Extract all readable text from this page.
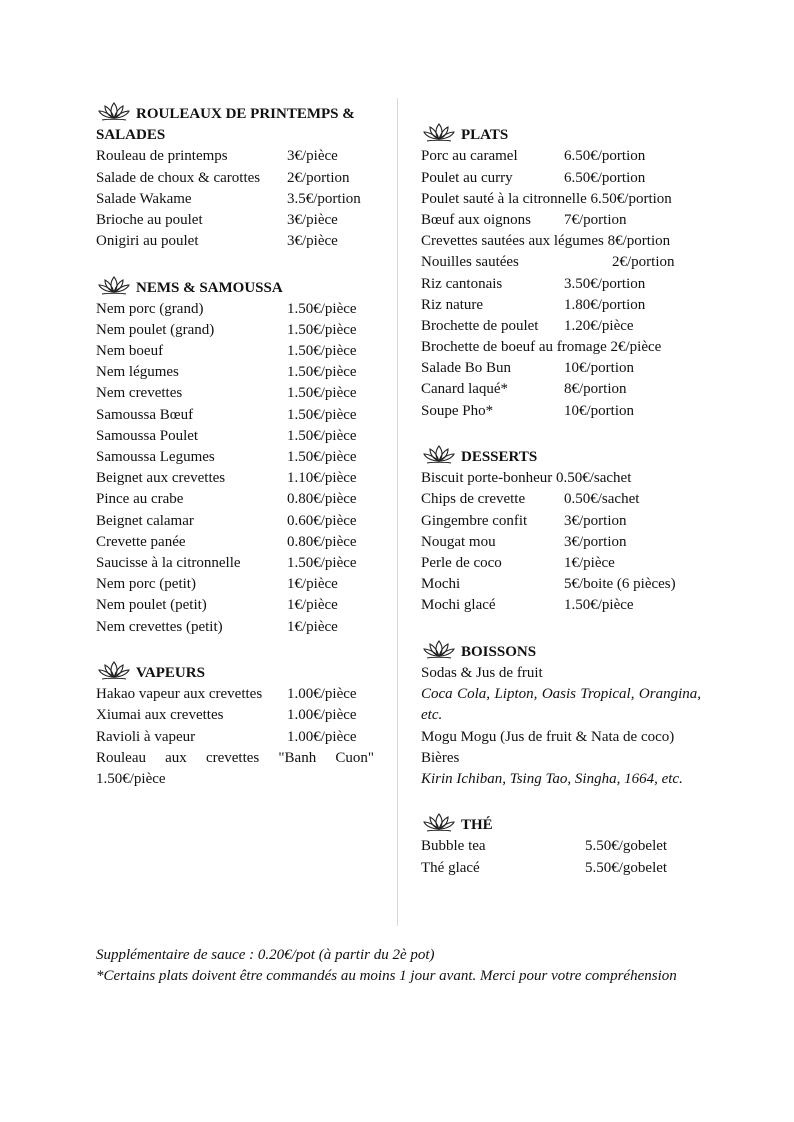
ROULEAUX DE PRINTEMPS &
SALADES
Rouleau de printemps	3€/pièce
Salade de choux & carottes 2€/portion
Salade Wakame	3.5€/portion
Brioche au poulet	3€/pièce
Onigiri au poulet	3€/pièce
NEMS & SAMOUSSA
Nem porc (grand)	1.50€/pièce
Nem poulet (grand)	1.50€/pièce
Nem boeuf	1.50€/pièce
Nem légumes	1.50€/pièce
Nem crevettes	1.50€/pièce
Samoussa Bœuf	1.50€/pièce
Samoussa Poulet	1.50€/pièce
Samoussa Legumes	1.50€/pièce
Beignet aux crevettes	1.10€/pièce
Pince au crabe	0.80€/pièce
Beignet calamar	0.60€/pièce
Crevette panée	0.80€/pièce
Saucisse à la citronnelle	1.50€/pièce
Nem porc (petit)	1€/pièce
Nem poulet (petit)	1€/pièce
Nem crevettes (petit)	1€/pièce
VAPEURS
Hakao vapeur aux crevettes 1.00€/pièce
Xiumai aux crevettes	1.00€/pièce
Ravioli à vapeur	1.00€/pièce
Rouleau aux crevettes "Banh Cuon" 1.50€/pièce
PLATS
Porc au caramel	6.50€/portion
Poulet au curry	6.50€/portion
Poulet sauté à la citronnelle 6.50€/portion
Bœuf aux oignons 7€/portion
Crevettes sautées aux légumes 8€/portion
Nouilles sautées	2€/portion
Riz cantonais	3.50€/portion
Riz nature	1.80€/portion
Brochette de poulet 1.20€/pièce
Brochette de boeuf au fromage 2€/pièce
Salade Bo Bun	10€/portion
Canard laqué*	8€/portion
Soupe Pho*	10€/portion
DESSERTS
Biscuit porte-bonheur 0.50€/sachet
Chips de crevette	0.50€/sachet
Gingembre confit 3€/portion
Nougat mou	3€/portion
Perle de coco	1€/pièce
Mochi	5€/boite (6 pièces)
Mochi glacé	1.50€/pièce
BOISSONS
Sodas & Jus de fruit
Coca Cola, Lipton, Oasis Tropical, Orangina, etc.
Mogu Mogu (Jus de fruit & Nata de coco)
Bières
Kirin Ichiban, Tsing Tao, Singha, 1664, etc.
THÉ
Bubble tea	5.50€/gobelet
Thé glacé	5.50€/gobelet
Supplémentaire de sauce : 0.20€/pot (à partir du 2è pot)
*Certains plats doivent être commandés au moins 1 jour avant. Merci pour votre compréhension
